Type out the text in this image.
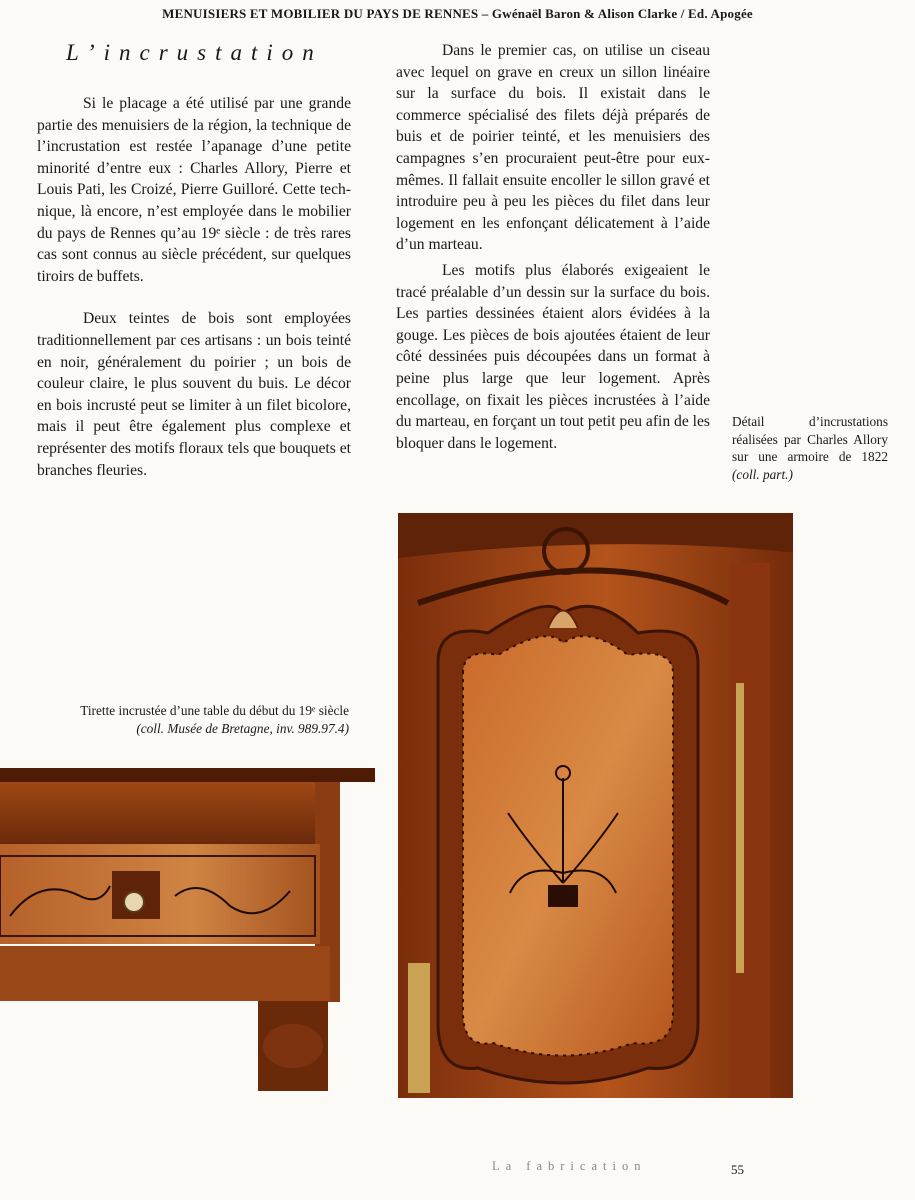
MENUISIERS ET MOBILIER DU PAYS DE RENNES – Gwénaël Baron & Alison Clarke / Ed. Apogée
L’incrustation

Si le placage a été utilisé par une grande partie des menuisiers de la région, la technique de l’incrustation est restée l’apanage d’une petite minorité d’entre eux : Charles Allory, Pierre et Louis Pati, les Croizé, Pierre Guilloré. Cette technique, là encore, n’est employée dans le mobilier du pays de Rennes qu’au 19ᵉ siècle : de très rares cas sont connus au siècle précédent, sur quelques tiroirs de buffets.

Deux teintes de bois sont employées traditionnellement par ces artisans : un bois teinté en noir, généralement du poirier ; un bois de couleur claire, le plus souvent du buis. Le décor en bois incrusté peut se limiter à un filet bicolore, mais il peut être également plus complexe et représenter des motifs floraux tels que bouquets et branches fleuries.

Dans le premier cas, on utilise un ciseau avec lequel on grave en creux un sillon linéaire sur la surface du bois. Il existait dans le commerce spécialisé des filets déjà préparés de buis et de poirier teinté, et les menuisiers des campagnes s’en procuraient peut-être pour eux-mêmes. Il fallait ensuite encoller le sillon gravé et introduire peu à peu les pièces du filet dans leur logement en les enfonçant délicatement à l’aide d’un marteau.

Les motifs plus élaborés exigeaient le tracé préalable d’un dessin sur la surface du bois. Les parties dessinées étaient alors évidées à la gouge. Les pièces de bois ajoutées étaient de leur côté dessinées puis découpées dans un format à peine plus large que leur logement. Après encollage, on fixait les pièces incrustées à l’aide du marteau, en forçant un tout petit peu afin de les bloquer dans le logement.

Détail d’incrustations réalisées par Charles Allory sur une armoire de 1822 (coll. part.)
Tirette incrustée d’une table du début du 19ᵉ siècle
(coll. Musée de Bretagne, inv. 989.97.4)
La fabrication	55
